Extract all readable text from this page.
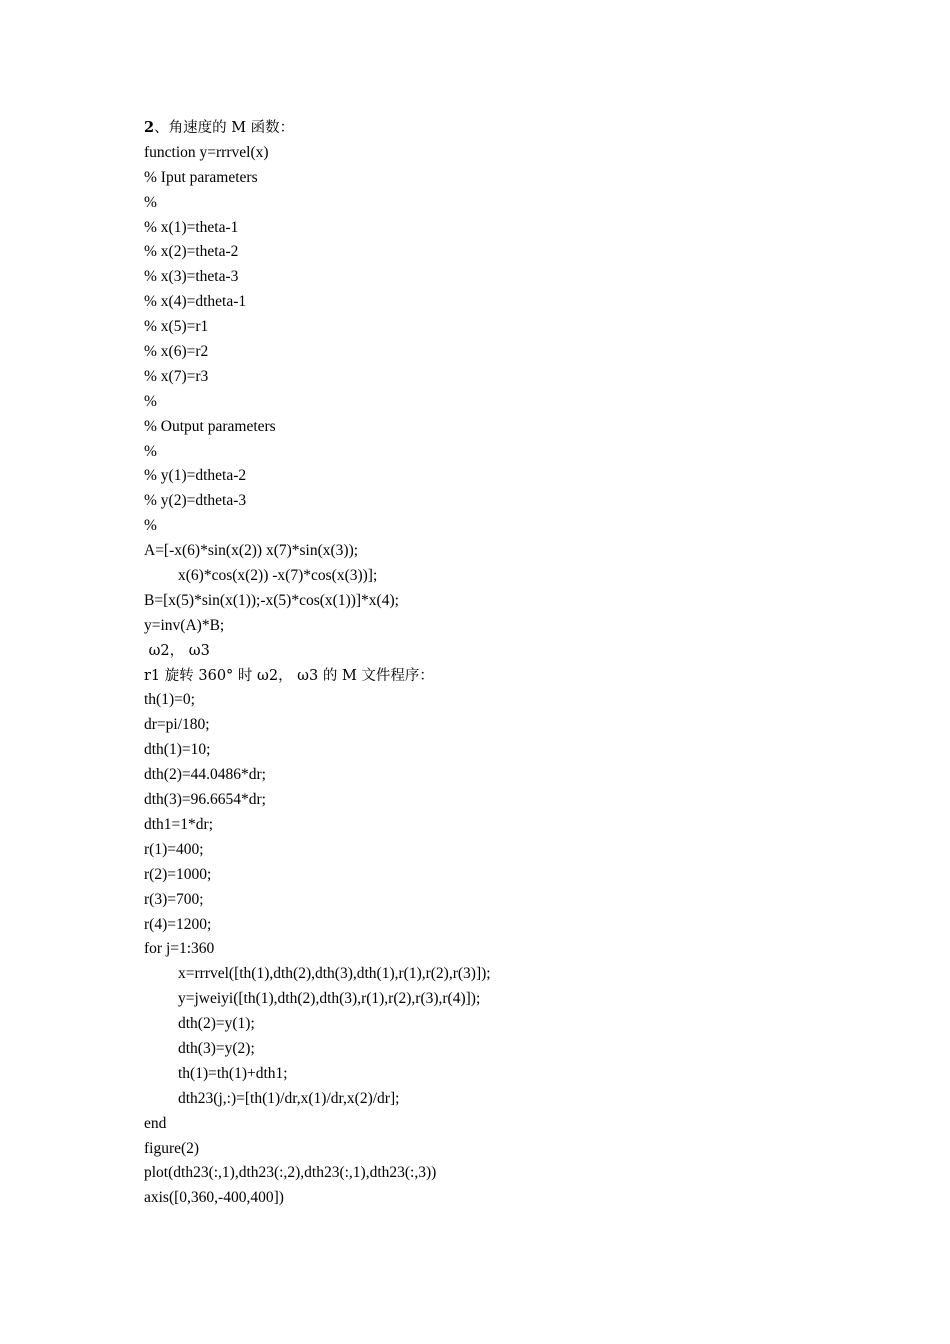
2、角速度的 M 函数：
function y=rrrvel(x)
% Iput parameters
%
% x(1)=theta-1
% x(2)=theta-2
% x(3)=theta-3
% x(4)=dtheta-1
% x(5)=r1
% x(6)=r2
% x(7)=r3
%
% Output parameters
%
% y(1)=dtheta-2
% y(2)=dtheta-3
%
A=[-x(6)*sin(x(2)) x(7)*sin(x(3));
x(6)*cos(x(2)) -x(7)*cos(x(3))];
B=[x(5)*sin(x(1));-x(5)*cos(x(1))]*x(4);
y=inv(A)*B;
ω2， ω3
r1 旋转 360° 时 ω2， ω3 的 M 文件程序：
th(1)=0;
dr=pi/180;
dth(1)=10;
dth(2)=44.0486*dr;
dth(3)=96.6654*dr;
dth1=1*dr;
r(1)=400;
r(2)=1000;
r(3)=700;
r(4)=1200;
for j=1:360
x=rrrvel([th(1),dth(2),dth(3),dth(1),r(1),r(2),r(3)]);
y=jweiyi([th(1),dth(2),dth(3),r(1),r(2),r(3),r(4)]);
dth(2)=y(1);
dth(3)=y(2);
th(1)=th(1)+dth1;
dth23(j,:)=[th(1)/dr,x(1)/dr,x(2)/dr];
end
figure(2)
plot(dth23(:,1),dth23(:,2),dth23(:,1),dth23(:,3))
axis([0,360,-400,400])
